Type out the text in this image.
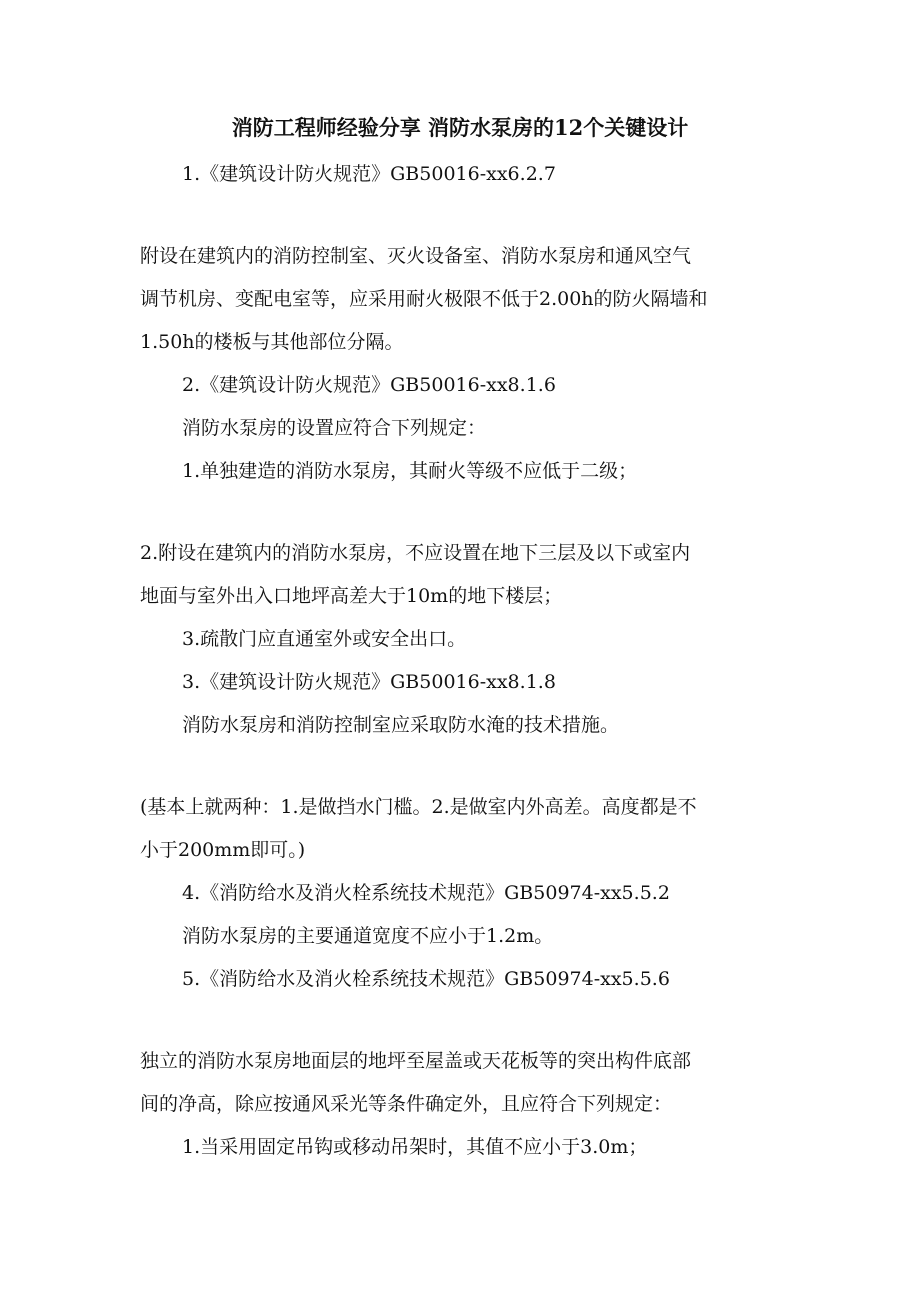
消防工程师经验分享 消防水泵房的12个关键设计
1.《建筑设计防火规范》GB50016-xx6.2.7
附设在建筑内的消防控制室、灭火设备室、消防水泵房和通风空气
调节机房、变配电室等，应采用耐火极限不低于2.00h的防火隔墙和
1.50h的楼板与其他部位分隔。
2.《建筑设计防火规范》GB50016-xx8.1.6
消防水泵房的设置应符合下列规定：
1.单独建造的消防水泵房，其耐火等级不应低于二级；
2.附设在建筑内的消防水泵房，不应设置在地下三层及以下或室内
地面与室外出入口地坪高差大于10m的地下楼层；
3.疏散门应直通室外或安全出口。
3.《建筑设计防火规范》GB50016-xx8.1.8
消防水泵房和消防控制室应采取防水淹的技术措施。
(基本上就两种：1.是做挡水门槛。2.是做室内外高差。高度都是不
小于200mm即可。)
4.《消防给水及消火栓系统技术规范》GB50974-xx5.5.2
消防水泵房的主要通道宽度不应小于1.2m。
5.《消防给水及消火栓系统技术规范》GB50974-xx5.5.6
独立的消防水泵房地面层的地坪至屋盖或天花板等的突出构件底部
间的净高，除应按通风采光等条件确定外，且应符合下列规定：
1.当采用固定吊钩或移动吊架时，其值不应小于3.0m；
